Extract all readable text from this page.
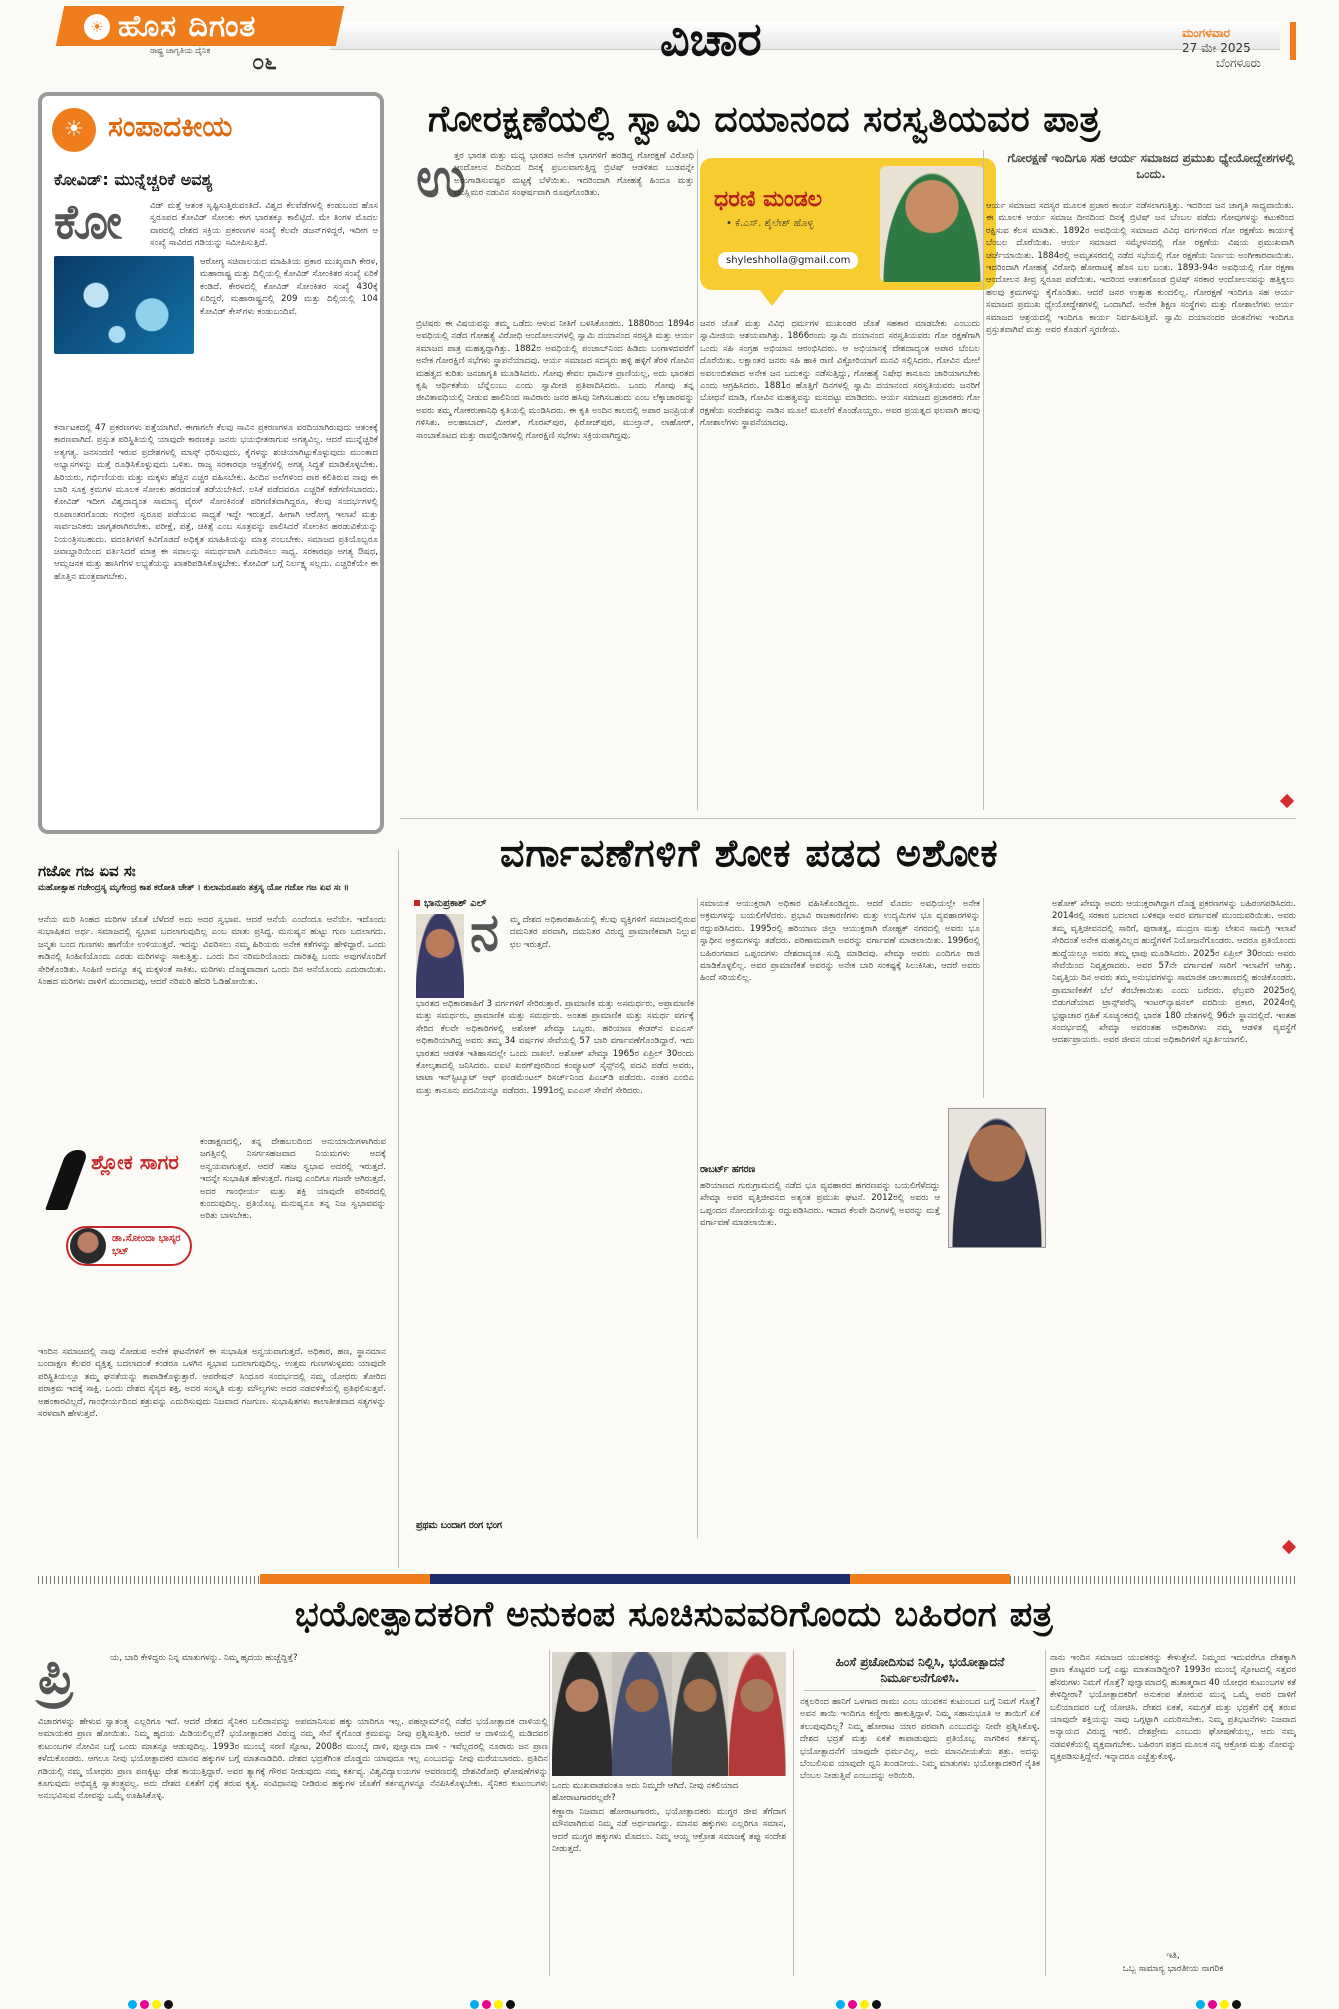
☀ ಹೊಸ ದಿಗಂತ
ರಾಷ್ಟ್ರ ಜಾಗೃತಿಯ ದೈನಿಕ ೦೬	ವಿಚಾರ	ಮಂಗಳವಾರ
27 ಮೇ 2025
ಬೆಂಗಳೂರು
☀ ಸಂಪಾದಕೀಯ
ಕೋವಿಡ್: ಮುನ್ನೆಚ್ಚರಿಕೆ ಅವಶ್ಯ
ಕೋ	ವಿಡ್ ಮತ್ತೆ ಆತಂಕ ಸೃಷ್ಟಿಸುತ್ತಿರುವಂತಿದೆ. ವಿಶ್ವದ ಕೆಲವೆಡೆಗಳಲ್ಲಿ ಕಂಡುಬಂದ ಹೊಸ ಸ್ವರೂಪದ ಕೋವಿಡ್ ಸೋಂಕು ಈಗ ಭಾರತಕ್ಕೂ ಕಾಲಿಟ್ಟಿದೆ. ಮೇ ತಿಂಗಳ ಮೊದಲ ವಾರದಲ್ಲಿ ದೇಶದ ಸಕ್ರಿಯ ಪ್ರಕರಣಗಳ ಸಂಖ್ಯೆ ಕೆಲವೇ ಡಜನ್‌ಗಳಿದ್ದರೆ, ಇದೀಗ ಆ ಸಂಖ್ಯೆ ಸಾವಿರದ ಗಡಿಯನ್ನು ಸಮೀಪಿಸುತ್ತಿದೆ.
ಆರೋಗ್ಯ ಸಚಿವಾಲಯದ ಮಾಹಿತಿಯ ಪ್ರಕಾರ ಮುಖ್ಯವಾಗಿ ಕೇರಳ, ಮಹಾರಾಷ್ಟ್ರ ಮತ್ತು ದಿಲ್ಲಿಯಲ್ಲಿ ಕೋವಿಡ್ ಸೋಂಕಿತರ ಸಂಖ್ಯೆ ಏರಿಕೆ ಕಂಡಿದೆ. ಕೇರಳದಲ್ಲಿ ಕೋವಿಡ್ ಸೋಂಕಿತರ ಸಂಖ್ಯೆ 430ಕ್ಕೆ ಏರಿದ್ದರೆ, ಮಹಾರಾಷ್ಟ್ರದಲ್ಲಿ 209 ಮತ್ತು ದಿಲ್ಲಿಯಲ್ಲಿ 104 ಕೋವಿಡ್ ಕೇಸ್‌ಗಳು ಕಂಡುಬಂದಿವೆ.
ಕರ್ನಾಟಕದಲ್ಲಿ 47 ಪ್ರಕರಣಗಳು ಪತ್ತೆಯಾಗಿವೆ. ಈಗಾಗಲೇ ಕೆಲವು ಸಾವಿನ ಪ್ರಕರಣಗಳೂ ವರದಿಯಾಗಿರುವುದು ಆತಂಕಕ್ಕೆ ಕಾರಣವಾಗಿದೆ. ಪ್ರಸ್ತುತ ಪರಿಸ್ಥಿತಿಯಲ್ಲಿ ಯಾವುದೇ ಕಾರಣಕ್ಕೂ ಜನರು ಭಯಭೀತರಾಗುವ ಅಗತ್ಯವಿಲ್ಲ. ಆದರೆ ಮುನ್ನೆಚ್ಚರಿಕೆ ಅತ್ಯಗತ್ಯ. ಜನಸಂದಣಿ ಇರುವ ಪ್ರದೇಶಗಳಲ್ಲಿ ಮಾಸ್ಕ್ ಧರಿಸುವುದು, ಕೈಗಳನ್ನು ಶುಚಿಯಾಗಿಟ್ಟುಕೊಳ್ಳುವುದು ಮುಂತಾದ ಅಭ್ಯಾಸಗಳನ್ನು ಮತ್ತೆ ರೂಢಿಸಿಕೊಳ್ಳುವುದು ಒಳಿತು. ರಾಜ್ಯ ಸರಕಾರವೂ ಆಸ್ಪತ್ರೆಗಳಲ್ಲಿ ಅಗತ್ಯ ಸಿದ್ಧತೆ ಮಾಡಿಕೊಳ್ಳಬೇಕು. ಹಿರಿಯರು, ಗರ್ಭಿಣಿಯರು ಮತ್ತು ಮಕ್ಕಳು ಹೆಚ್ಚಿನ ಎಚ್ಚರ ವಹಿಸಬೇಕು. ಹಿಂದಿನ ಅಲೆಗಳಿಂದ ಪಾಠ ಕಲಿತಿರುವ ನಾವು ಈ ಬಾರಿ ಸೂಕ್ತ ಕ್ರಮಗಳ ಮೂಲಕ ಸೋಂಕು ಹರಡದಂತೆ ತಡೆಯಬೇಕಿದೆ. ಲಸಿಕೆ ಪಡೆದವರೂ ಎಚ್ಚರಿಕೆ ಕಡೆಗಣಿಸಬಾರದು. ಕೋವಿಡ್ ಇದೀಗ ವಿಶ್ವದಾದ್ಯಂತ ಸಾಮಾನ್ಯ ವೈರಸ್ ಸೋಂಕಿನಂತೆ ಪರಿಗಣಿತವಾಗಿದ್ದರೂ, ಕೆಲವು ಸಂದರ್ಭಗಳಲ್ಲಿ ರೂಪಾಂತರಗೊಂಡು ಗಂಭೀರ ಸ್ವರೂಪ ಪಡೆಯುವ ಸಾಧ್ಯತೆ ಇದ್ದೇ ಇರುತ್ತದೆ. ಹೀಗಾಗಿ ಆರೋಗ್ಯ ಇಲಾಖೆ ಮತ್ತು ಸಾರ್ವಜನಿಕರು ಜಾಗೃತರಾಗಿರಬೇಕು. ಪರೀಕ್ಷೆ, ಪತ್ತೆ, ಚಿಕಿತ್ಸೆ ಎಂಬ ಸೂತ್ರವನ್ನು ಪಾಲಿಸಿದರೆ ಸೋಂಕಿನ ಹರಡುವಿಕೆಯನ್ನು ನಿಯಂತ್ರಿಸಬಹುದು. ವದಂತಿಗಳಿಗೆ ಕಿವಿಗೊಡದೆ ಅಧಿಕೃತ ಮಾಹಿತಿಯನ್ನು ಮಾತ್ರ ನಂಬಬೇಕು. ಸಮಾಜದ ಪ್ರತಿಯೊಬ್ಬರೂ ಜವಾಬ್ದಾರಿಯಿಂದ ವರ್ತಿಸಿದರೆ ಮಾತ್ರ ಈ ಸವಾಲನ್ನು ಸಮರ್ಥವಾಗಿ ಎದುರಿಸಲು ಸಾಧ್ಯ. ಸರಕಾರವೂ ಅಗತ್ಯ ಔಷಧ, ಆಮ್ಲಜನಕ ಮತ್ತು ಹಾಸಿಗೆಗಳ ಲಭ್ಯತೆಯನ್ನು ಖಾತರಿಪಡಿಸಿಕೊಳ್ಳಬೇಕು. ಕೋವಿಡ್ ಬಗ್ಗೆ ನಿರ್ಲಕ್ಷ್ಯ ಸಲ್ಲದು. ಎಚ್ಚರಿಕೆಯೇ ಈ ಹೊತ್ತಿನ ಮಂತ್ರವಾಗಬೇಕು.
ಗೋರಕ್ಷಣೆಯಲ್ಲಿ ಸ್ವಾಮಿ ದಯಾನಂದ ಸರಸ್ವತಿಯವರ ಪಾತ್ರ
ಉ
ತ್ತರ ಭಾರತ ಮತ್ತು ಮಧ್ಯ ಭಾರತದ ಅನೇಕ ಭಾಗಗಳಿಗೆ ಹರಡಿದ್ದ ಗೋರಕ್ಷಣೆ ವಿರೋಧಿ ಆಂದೋಲನ ದಿನದಿಂದ ದಿನಕ್ಕೆ ಪ್ರಬಲವಾಗುತ್ತಿದ್ದ ಬ್ರಿಟಿಷ್ ಆಡಳಿತದ ಬುಡವನ್ನೇ ಅಲುಗಾಡಿಸುವಷ್ಟರ ಮಟ್ಟಕ್ಕೆ ಬೆಳೆಯಿತು. ಇದರಿಂದಾಗಿ ಗೋಹತ್ಯೆ ಹಿಂದೂ ಮತ್ತು ಮುಸ್ಲಿಮರ ನಡುವಿನ ಸಂಘರ್ಷವಾಗಿ ರೂಪುಗೊಂಡಿತು.	ಧರಣಿ ಮಂಡಲ
• ಕೆ.ಎಸ್. ಶೈಲೇಶ್ ಹೊಳ್ಳ
shyleshholla@gmail.com
ಗೋರಕ್ಷಣೆ ಇಂದಿಗೂ ಸಹ ಆರ್ಯ ಸಮಾಜದ ಪ್ರಮುಖ ಧ್ಯೇಯೋದ್ದೇಶಗಳಲ್ಲಿ ಒಂದು.
ಬ್ರಿಟಿಷರು ಈ ವಿಷಯವನ್ನು ತಮ್ಮ ಒಡೆದು ಆಳುವ ನೀತಿಗೆ ಬಳಸಿಕೊಂಡರು. 1880ರಿಂದ 1894ರ ಅವಧಿಯಲ್ಲಿ ನಡೆದ ಗೋಹತ್ಯೆ ವಿರೋಧಿ ಆಂದೋಲನಗಳಲ್ಲಿ ಸ್ವಾಮಿ ದಯಾನಂದ ಸರಸ್ವತಿ ಮತ್ತು ಆರ್ಯ ಸಮಾಜದ ಪಾತ್ರ ಮಹತ್ವದ್ದಾಗಿತ್ತು. 1882ರ ಅವಧಿಯಲ್ಲಿ ಪಂಜಾಬ್‌ನಿಂದ ಹಿಡಿದು ಬಂಗಾಳದವರೆಗೆ ಅನೇಕ ಗೋರಕ್ಷಿಣಿ ಸಭೆಗಳು ಸ್ಥಾಪನೆಯಾದವು. ಆರ್ಯ ಸಮಾಜದ ಸದಸ್ಯರು ಹಳ್ಳಿ ಹಳ್ಳಿಗೆ ತೆರಳಿ ಗೋವಿನ ಮಹತ್ವದ ಕುರಿತು ಜನಜಾಗೃತಿ ಮೂಡಿಸಿದರು. ಗೋವು ಕೇವಲ ಧಾರ್ಮಿಕ ಪ್ರಾಣಿಯಲ್ಲ, ಅದು ಭಾರತದ ಕೃಷಿ ಆರ್ಥಿಕತೆಯ ಬೆನ್ನೆಲುಬು ಎಂದು ಸ್ವಾಮೀಜಿ ಪ್ರತಿಪಾದಿಸಿದರು. ಒಂದು ಗೋವು ತನ್ನ ಜೀವಿತಾವಧಿಯಲ್ಲಿ ನೀಡುವ ಹಾಲಿನಿಂದ ಸಾವಿರಾರು ಜನರ ಹಸಿವು ನೀಗಿಸಬಹುದು ಎಂಬ ಲೆಕ್ಕಾಚಾರವನ್ನು ಅವರು ತಮ್ಮ ಗೋಕರುಣಾನಿಧಿ ಕೃತಿಯಲ್ಲಿ ಮಂಡಿಸಿದರು. ಈ ಕೃತಿ ಅಂದಿನ ಕಾಲದಲ್ಲಿ ಅಪಾರ ಜನಪ್ರಿಯತೆ ಗಳಿಸಿತು. ಅಲಹಾಬಾದ್, ಮೀರತ್, ಗೊರಖ್‌ಪುರ, ಫಿರೋಜ್‌ಪುರ, ಮುಲ್ತಾನ್, ಲಾಹೋರ್, ಸಾಂಬಾಕೊಟದ ಮತ್ತು ರಾವಲ್ಪಿಂಡಿಗಳಲ್ಲಿ ಗೋರಕ್ಷಿಣಿ ಸಭೆಗಳು ಸಕ್ರಿಯವಾಗಿದ್ದವು.
ಜನರ ಜೊತೆ ಮತ್ತು ವಿವಿಧ ಧರ್ಮಗಳ ಮುಖಂಡರ ಜೊತೆ ಸಹಕಾರ ಮಾಡಬೇಕು ಎಂಬುದು ಸ್ವಾಮೀಜಿಯ ಆಶಯವಾಗಿತ್ತು. 1866ರಂದು ಸ್ವಾಮಿ ದಯಾನಂದ ಸರಸ್ವತಿಯವರು ಗೋ ರಕ್ಷಣೆಗಾಗಿ ಒಂದು ಸಹಿ ಸಂಗ್ರಹ ಅಭಿಯಾನ ಆರಂಭಿಸಿದರು. ಆ ಅಭಿಯಾನಕ್ಕೆ ದೇಶದಾದ್ಯಂತ ಅಪಾರ ಬೆಂಬಲ ದೊರೆಯಿತು. ಲಕ್ಷಾಂತರ ಜನರು ಸಹಿ ಹಾಕಿ ರಾಣಿ ವಿಕ್ಟೋರಿಯಾಗೆ ಮನವಿ ಸಲ್ಲಿಸಿದರು. ಗೋವಿನ ಮೇಲೆ ಅವಲಂಬಿತವಾದ ಅನೇಕ ಜನ ಬದುಕನ್ನು ನಡೆಸುತ್ತಿದ್ದು, ಗೋಹತ್ಯೆ ನಿಷೇಧ ಕಾನೂನು ಜಾರಿಯಾಗಬೇಕು ಎಂದು ಆಗ್ರಹಿಸಿದರು. 1881ರ ಹೊತ್ತಿಗೆ ದಿನಗಳಲ್ಲಿ ಸ್ವಾಮಿ ದಯಾನಂದ ಸರಸ್ವತಿಯವರು ಜನರಿಗೆ ಬೋಧನೆ ಮಾಡಿ, ಗೋವಿನ ಮಹತ್ವವನ್ನು ಮನದಟ್ಟು ಮಾಡಿದರು. ಆರ್ಯ ಸಮಾಜದ ಪ್ರಚಾರಕರು ಗೋ ರಕ್ಷಣೆಯ ಸಂದೇಶವನ್ನು ನಾಡಿನ ಮೂಲೆ ಮೂಲೆಗೆ ಕೊಂಡೊಯ್ದರು. ಅವರ ಪ್ರಯತ್ನದ ಫಲವಾಗಿ ಹಲವು ಗೋಶಾಲೆಗಳು ಸ್ಥಾಪನೆಯಾದವು.
ಆರ್ಯ ಸಮಾಜದ ಸದಸ್ಯರ ಮೂಲಕ ಪ್ರಚಾರ ಕಾರ್ಯ ನಡೆಸಲಾಗುತ್ತಿತ್ತು. ಇದರಿಂದ ಜನ ಜಾಗೃತಿ ಸಾಧ್ಯವಾಯಿತು. ಈ ಮೂಲಕ ಆರ್ಯ ಸಮಾಜ ದೀನದಿಂದ ದಿನಕ್ಕೆ ಬ್ರಿಟಿಷ್ ಜನ ಬೆಂಬಲ ಪಡೆದು ಗೋವುಗಳನ್ನು ಕಟುಕರಿಂದ ರಕ್ಷಿಸುವ ಕೆಲಸ ಮಾಡಿತು. 1892ರ ಅವಧಿಯಲ್ಲಿ ಸಮಾಜದ ವಿವಿಧ ವರ್ಗಗಳಿಂದ ಗೋ ರಕ್ಷಣೆಯ ಕಾರ್ಯಕ್ಕೆ ಬೆಂಬಲ ದೊರೆಯಿತು. ಆರ್ಯ ಸಮಾಜದ ಸಮ್ಮೇಳನದಲ್ಲಿ ಗೋ ರಕ್ಷಣೆಯ ವಿಷಯ ಪ್ರಮುಖವಾಗಿ ಚರ್ಚೆಯಾಯಿತು. 1884ರಲ್ಲಿ ಅಮೃತಸರದಲ್ಲಿ ನಡೆದ ಸಭೆಯಲ್ಲಿ ಗೋ ರಕ್ಷಣೆಯ ನಿರ್ಣಯ ಅಂಗೀಕಾರವಾಯಿತು. ಇದರಿಂದಾಗಿ ಗೋಹತ್ಯೆ ವಿರೋಧಿ ಹೋರಾಟಕ್ಕೆ ಹೊಸ ಬಲ ಬಂತು. 1893-94ರ ಅವಧಿಯಲ್ಲಿ ಗೋ ರಕ್ಷಣಾ ಆಂದೋಲನ ತೀವ್ರ ಸ್ವರೂಪ ಪಡೆಯಿತು. ಇದರಿಂದ ಆತಂಕಗೊಂಡ ಬ್ರಿಟಿಷ್ ಸರಕಾರ ಆಂದೋಲನವನ್ನು ಹತ್ತಿಕ್ಕಲು ಹಲವು ಕ್ರಮಗಳನ್ನು ಕೈಗೊಂಡಿತು. ಆದರೆ ಜನರ ಉತ್ಸಾಹ ಕುಂದಲಿಲ್ಲ. ಗೋರಕ್ಷಣೆ ಇಂದಿಗೂ ಸಹ ಆರ್ಯ ಸಮಾಜದ ಪ್ರಮುಖ ಧ್ಯೇಯೋದ್ದೇಶಗಳಲ್ಲಿ ಒಂದಾಗಿದೆ. ಅನೇಕ ಶಿಕ್ಷಣ ಸಂಸ್ಥೆಗಳು ಮತ್ತು ಗೋಶಾಲೆಗಳು ಆರ್ಯ ಸಮಾಜದ ಆಶ್ರಯದಲ್ಲಿ ಇಂದಿಗೂ ಕಾರ್ಯ ನಿರ್ವಹಿಸುತ್ತಿವೆ. ಸ್ವಾಮಿ ದಯಾನಂದರ ಚಿಂತನೆಗಳು ಇಂದಿಗೂ ಪ್ರಸ್ತುತವಾಗಿವೆ ಮತ್ತು ಅವರ ಕೊಡುಗೆ ಸ್ಮರಣೀಯ.
ಗಜೋ ಗಜ ಏವ ಸಃ
ಮಹೋತ್ಸಾಹ ಗಜೇಂದ್ರಸ್ಯ ಮೃಗೇಂದ್ರ ಕಾಶ ಕರೋತಿ ಚೇತ್ । ಕುಲಾನುರೂಪಂ ತತ್ರಸ್ಯ ಯೋ ಗಜೋ ಗಜ ಏವ ಸಃ ॥
ಆನೆಯ ಮರಿ ಸಿಂಹದ ಮರಿಗಳ ಜೊತೆ ಬೆಳೆದರೆ ಅದು ಅದರ ಸ್ವಭಾವ. ಆದರೆ ಆನೆಯೆ ಎಂದೆಂದೂ ಆನೆಯೇ. ಇದೊಂದು ಸುಭಾಷಿತದ ಅರ್ಥ. ಸಮಾಜದಲ್ಲಿ ಸ್ವಭಾವ ಬದಲಾಗುವುದಿಲ್ಲ ಎಂಬ ಮಾತು ಪ್ರಸಿದ್ಧ. ಮನುಷ್ಯನ ಹುಟ್ಟು ಗುಣ ಬದಲಾಗದು. ಜನ್ಮತಃ ಬಂದ ಗುಣಗಳು ಹಾಗೆಯೇ ಉಳಿಯುತ್ತವೆ. ಇದನ್ನು ವಿವರಿಸಲು ನಮ್ಮ ಹಿರಿಯರು ಅನೇಕ ಕತೆಗಳನ್ನು ಹೇಳಿದ್ದಾರೆ. ಒಂದು ಕಾಡಿನಲ್ಲಿ ಸಿಂಹಿಣಿಯೊಂದು ಎರಡು ಮರಿಗಳನ್ನು ಸಾಕುತ್ತಿತ್ತು. ಒಂದು ದಿನ ನರಿಮರಿಯೊಂದು ದಾರಿತಪ್ಪಿ ಬಂದು ಅವುಗಳೊಂದಿಗೆ ಸೇರಿಕೊಂಡಿತು. ಸಿಂಹಿಣಿ ಅದನ್ನೂ ತನ್ನ ಮಕ್ಕಳಂತೆ ಸಾಕಿತು. ಮರಿಗಳು ದೊಡ್ಡವಾದಾಗ ಒಂದು ದಿನ ಆನೆಯೊಂದು ಎದುರಾಯಿತು. ಸಿಂಹದ ಮರಿಗಳು ದಾಳಿಗೆ ಮುಂದಾದವು, ಆದರೆ ನರಿಮರಿ ಹೆದರಿ ಓಡಿಹೋಯಿತು.
ಶ್ಲೋಕ ಸಾಗರ
ಡಾ.ಸೋಂದಾ ಭಾಸ್ಕರ ಭಟ್
ಕಂಡಾಕ್ಷಣದಲ್ಲಿ, ತನ್ನ ದೇಹಬಲದಿಂದ ಅನುಯಾಯಿಗಳಾಗಿರುವ ಜಗತ್ತಿನಲ್ಲಿ ನಿಸರ್ಗಸಹಜವಾದ ನಿಯಮಗಳು ಅದಕ್ಕೆ ಅನ್ವಯವಾಗುತ್ತವೆ. ಆದರೆ ಸಹಜ ಸ್ವಭಾವ ಅದರಲ್ಲಿ ಇರುತ್ತದೆ. ಇದನ್ನೇ ಸುಭಾಷಿತ ಹೇಳುತ್ತದೆ. ಗಜವು ಎಂದಿಗೂ ಗಜವೇ ಆಗಿರುತ್ತದೆ. ಅದರ ಗಾಂಭೀರ್ಯ ಮತ್ತು ಶಕ್ತಿ ಯಾವುದೇ ಪರಿಸರದಲ್ಲಿ ಕುಂದುವುದಿಲ್ಲ. ಪ್ರತಿಯೊಬ್ಬ ಮನುಷ್ಯನೂ ತನ್ನ ನಿಜ ಸ್ವಭಾವವನ್ನು ಅರಿತು ಬಾಳಬೇಕು.
ಇಂದಿನ ಸಮಾಜದಲ್ಲಿ ನಾವು ನೋಡುವ ಅನೇಕ ಘಟನೆಗಳಿಗೆ ಈ ಸುಭಾಷಿತ ಅನ್ವಯವಾಗುತ್ತದೆ. ಅಧಿಕಾರ, ಹಣ, ಸ್ಥಾನಮಾನ ಬಂದಾಕ್ಷಣ ಕೆಲವರ ವ್ಯಕ್ತಿತ್ವ ಬದಲಾದಂತೆ ಕಂಡರೂ ಒಳಗಿನ ಸ್ವಭಾವ ಬದಲಾಗುವುದಿಲ್ಲ. ಉತ್ತಮ ಗುಣಗಳುಳ್ಳವರು ಯಾವುದೇ ಪರಿಸ್ಥಿತಿಯಲ್ಲೂ ತಮ್ಮ ಘನತೆಯನ್ನು ಕಾಪಾಡಿಕೊಳ್ಳುತ್ತಾರೆ. ಆಪರೇಷನ್ ಸಿಂಧೂರ ಸಂದರ್ಭದಲ್ಲಿ ನಮ್ಮ ಯೋಧರು ತೋರಿದ ಪರಾಕ್ರಮ ಇದಕ್ಕೆ ಸಾಕ್ಷಿ. ಒಂದು ದೇಶದ ಸೈನ್ಯದ ಶಕ್ತಿ, ಅದರ ಸಂಸ್ಕೃತಿ ಮತ್ತು ಮೌಲ್ಯಗಳು ಅದರ ನಡವಳಿಕೆಯಲ್ಲಿ ಪ್ರತಿಫಲಿಸುತ್ತವೆ. ಅಹಂಕಾರವಿಲ್ಲದೆ, ಗಾಂಭೀರ್ಯದಿಂದ ಶತ್ರುವನ್ನು ಎದುರಿಸುವುದು ನಿಜವಾದ ಗಜಗುಣ. ಸುಭಾಷಿತಗಳು ಕಾಲಾತೀತವಾದ ಸತ್ಯಗಳನ್ನು ಸರಳವಾಗಿ ಹೇಳುತ್ತವೆ.
ವರ್ಗಾವಣೆಗಳಿಗೆ ಶೋಕ ಪಡದ ಅಶೋಕ
ಭಾನುಪ್ರಕಾಶ್ ಎಲ್
ನ ಮ್ಮ ದೇಶದ ಅಧಿಕಾರಶಾಹಿಯಲ್ಲಿ ಕೆಲವು ವ್ಯಕ್ತಿಗಳಿಗೆ ಸಮಾಜದಲ್ಲಿರುವ ದಮನಿತರ ಪರವಾಗಿ, ದಮನಿತರ ವಿರುದ್ಧ ಪ್ರಾಮಾಣಿಕವಾಗಿ ನಿಲ್ಲುವ ಛಲ ಇರುತ್ತದೆ.
ಭಾರತದ ಅಧಿಕಾರಶಾಹಿಗೆ 3 ವರ್ಗಗಳಿಗೆ ಸೇರಿರುತ್ತಾರೆ. ಪ್ರಾಮಾಣಿಕ ಮತ್ತು ಅಸಮರ್ಥರು, ಅಪ್ರಾಮಾಣಿಕ ಮತ್ತು ಸಮರ್ಥರು, ಪ್ರಾಮಾಣಿಕ ಮತ್ತು ಸಮರ್ಥರು. ಅಂತಹ ಪ್ರಾಮಾಣಿಕ ಮತ್ತು ಸಮರ್ಥ ವರ್ಗಕ್ಕೆ ಸೇರಿದ ಕೆಲವೇ ಅಧಿಕಾರಿಗಳಲ್ಲಿ ಅಶೋಕ್ ಖೇಮ್ಕಾ ಒಬ್ಬರು. ಹರಿಯಾಣ ಕೇಡರ್‌ನ ಐಎಎಸ್ ಅಧಿಕಾರಿಯಾಗಿದ್ದ ಅವರು ತಮ್ಮ 34 ವರ್ಷಗಳ ಸೇವೆಯಲ್ಲಿ 57 ಬಾರಿ ವರ್ಗಾವಣೆಗೊಂಡಿದ್ದಾರೆ. ಇದು ಭಾರತದ ಆಡಳಿತ ಇತಿಹಾಸದಲ್ಲೇ ಒಂದು ದಾಖಲೆ. ಅಶೋಕ್ ಖೇಮ್ಕಾ 1965ರ ಏಪ್ರಿಲ್ 30ರಂದು ಕೋಲ್ಕತಾದಲ್ಲಿ ಜನಿಸಿದರು. ಐಐಟಿ ಖರಗ್‌ಪುರದಿಂದ ಕಂಪ್ಯೂಟರ್ ಸೈನ್ಸ್‌ನಲ್ಲಿ ಪದವಿ ಪಡೆದ ಅವರು, ಟಾಟಾ ಇನ್‌ಸ್ಟಿಟ್ಯೂಟ್ ಆಫ್ ಫಂಡಮೆಂಟಲ್ ರಿಸರ್ಚ್‌ನಿಂದ ಪಿಎಚ್‌ಡಿ ಪಡೆದರು. ನಂತರ ಎಂಬಿಎ ಮತ್ತು ಕಾನೂನು ಪದವಿಯನ್ನೂ ಪಡೆದರು. 1991ರಲ್ಲಿ ಐಎಎಸ್ ಸೇವೆಗೆ ಸೇರಿದರು.
ಪ್ರಥಮ ಬಂದಾಗ ರಂಗ ಭಂಗ
ಸಮಾಯಕ ಆಯುಕ್ತರಾಗಿ ಅಧಿಕಾರ ವಹಿಸಿಕೊಂಡಿದ್ದರು. ಆದರೆ ಮೊದಲ ಅವಧಿಯಲ್ಲೇ ಅನೇಕ ಅಕ್ರಮಗಳನ್ನು ಬಯಲಿಗೆಳೆದರು. ಪ್ರಭಾವಿ ರಾಜಕಾರಣಿಗಳು ಮತ್ತು ಉದ್ಯಮಿಗಳ ಭೂ ವ್ಯವಹಾರಗಳನ್ನು ರದ್ದುಪಡಿಸಿದರು. 1995ರಲ್ಲಿ ಹರಿಯಾಣ ಜಿಲ್ಲಾ ಆಯುಕ್ತರಾಗಿ ರೋಹ್ಟಕ್ ನಗರದಲ್ಲಿ ಅವರು ಭೂ ಸ್ವಾಧೀನ ಅಕ್ರಮಗಳನ್ನು ತಡೆದರು. ಪರಿಣಾಮವಾಗಿ ಅವರನ್ನು ವರ್ಗಾವಣೆ ಮಾಡಲಾಯಿತು. 1996ರಲ್ಲಿ ಬಹಿರಂಗವಾದ ಒಪ್ಪಂದಗಳು ದೇಶದಾದ್ಯಂತ ಸುದ್ದಿ ಮಾಡಿದವು. ಖೇಮ್ಕಾ ಅವರು ಎಂದಿಗೂ ರಾಜಿ ಮಾಡಿಕೊಳ್ಳಲಿಲ್ಲ. ಅವರ ಪ್ರಾಮಾಣಿಕತೆ ಅವರನ್ನು ಅನೇಕ ಬಾರಿ ಸಂಕಷ್ಟಕ್ಕೆ ಸಿಲುಕಿಸಿತು, ಆದರೆ ಅವರು ಹಿಂದೆ ಸರಿಯಲಿಲ್ಲ.
ರಾಬರ್ಟ್ ಹಗರಣ
ಹರಿಯಾಣದ ಗುರುಗ್ರಾಮದಲ್ಲಿ ನಡೆದ ಭೂ ವ್ಯವಹಾರದ ಹಗರಣವನ್ನು ಬಯಲಿಗೆಳೆದದ್ದು ಖೇಮ್ಕಾ ಅವರ ವೃತ್ತಿಜೀವನದ ಅತ್ಯಂತ ಪ್ರಮುಖ ಘಟನೆ. 2012ರಲ್ಲಿ ಅವರು ಆ ಒಪ್ಪಂದದ ನೋಂದಣಿಯನ್ನು ರದ್ದುಪಡಿಸಿದರು. ಇದಾದ ಕೆಲವೇ ದಿನಗಳಲ್ಲಿ ಅವರನ್ನು ಮತ್ತೆ ವರ್ಗಾವಣೆ ಮಾಡಲಾಯಿತು.
ಅಶೋಕ್ ಖೇಮ್ಕಾ ಅವರು ಆಯುಕ್ತರಾಗಿದ್ದಾಗ ದೊಡ್ಡ ಪ್ರಕರಣಗಳನ್ನು ಬಹಿರಂಗಪಡಿಸಿದರು. 2014ರಲ್ಲಿ ಸರಕಾರ ಬದಲಾದ ಬಳಿಕವೂ ಅವರ ವರ್ಗಾವಣೆ ಮುಂದುವರಿಯಿತು. ಅವರು ತಮ್ಮ ವೃತ್ತಿಜೀವನದಲ್ಲಿ ಸಾರಿಗೆ, ಪುರಾತತ್ವ, ಮುದ್ರಣ ಮತ್ತು ಲೇಖನ ಸಾಮಗ್ರಿ ಇಲಾಖೆ ಸೇರಿದಂತೆ ಅನೇಕ ಮಹತ್ವವಿಲ್ಲದ ಹುದ್ದೆಗಳಿಗೆ ನಿಯೋಜನೆಗೊಂಡರು. ಆದರೂ ಪ್ರತಿಯೊಂದು ಹುದ್ದೆಯಲ್ಲೂ ಅವರು ತಮ್ಮ ಛಾಪು ಮೂಡಿಸಿದರು. 2025ರ ಏಪ್ರಿಲ್ 30ರಂದು ಅವರು ಸೇವೆಯಿಂದ ನಿವೃತ್ತರಾದರು. ಅವರ 57ನೇ ವರ್ಗಾವಣೆ ಸಾರಿಗೆ ಇಲಾಖೆಗೆ ಆಗಿತ್ತು. ನಿವೃತ್ತಿಯ ದಿನ ಅವರು ತಮ್ಮ ಅನುಭವಗಳನ್ನು ಸಾಮಾಜಿಕ ಜಾಲತಾಣದಲ್ಲಿ ಹಂಚಿಕೊಂಡರು. ಪ್ರಾಮಾಣಿಕತೆಗೆ ಬೆಲೆ ತೆರಬೇಕಾಯಿತು ಎಂದು ಬರೆದರು. ಫೆಬ್ರವರಿ 2025ರಲ್ಲಿ ಬಿಡುಗಡೆಯಾದ ಟ್ರಾನ್ಸ್‌ಪರೆನ್ಸಿ ಇಂಟರ್‌ನ್ಯಾಷನಲ್ ವರದಿಯ ಪ್ರಕಾರ, 2024ರಲ್ಲಿ ಭ್ರಷ್ಟಾಚಾರ ಗ್ರಹಿಕೆ ಸೂಚ್ಯಂಕದಲ್ಲಿ ಭಾರತ 180 ದೇಶಗಳಲ್ಲಿ 96ನೇ ಸ್ಥಾನದಲ್ಲಿದೆ. ಇಂತಹ ಸಂದರ್ಭದಲ್ಲಿ ಖೇಮ್ಕಾ ಅವರಂತಹ ಅಧಿಕಾರಿಗಳು ನಮ್ಮ ಆಡಳಿತ ವ್ಯವಸ್ಥೆಗೆ ಆದರ್ಶಪ್ರಾಯರು. ಅವರ ಜೀವನ ಯುವ ಅಧಿಕಾರಿಗಳಿಗೆ ಸ್ಫೂರ್ತಿಯಾಗಲಿ.
ಭಯೋತ್ಪಾದಕರಿಗೆ ಅನುಕಂಪ ಸೂಚಿಸುವವರಿಗೊಂದು ಬಹಿರಂಗ ಪತ್ರ
ಪ್ರಿ	ಯ, ಬಾರಿ ಕೇಳಿದ್ದರು ನಿನ್ನ ಮಾತುಗಳನ್ನು. ನಿಮ್ಮ ಹೃದಯ ಹುಚ್ಚೆದ್ದಿತ್ತೆ?
ವಿಚಾರಗಳನ್ನು ಹೇಳುವ ಸ್ವಾತಂತ್ರ್ಯ ಎಲ್ಲರಿಗೂ ಇದೆ. ಆದರೆ ದೇಶದ ಸೈನಿಕರ ಬಲಿದಾನವನ್ನು ಅಪಮಾನಿಸುವ ಹಕ್ಕು ಯಾರಿಗೂ ಇಲ್ಲ. ಪಹಲ್ಗಾಮ್‌ನಲ್ಲಿ ನಡೆದ ಭಯೋತ್ಪಾದಕ ದಾಳಿಯಲ್ಲಿ ಅಮಾಯಕರ ಪ್ರಾಣ ಹೋಯಿತು. ನಿಮ್ಮ ಹೃದಯ ಮಿಡಿಯಲಿಲ್ಲವೆ? ಭಯೋತ್ಪಾದಕರ ವಿರುದ್ಧ ನಮ್ಮ ಸೇನೆ ಕೈಗೊಂಡ ಕ್ರಮವನ್ನು ನೀವು ಪ್ರಶ್ನಿಸುತ್ತೀರಿ. ಆದರೆ ಆ ದಾಳಿಯಲ್ಲಿ ಮಡಿದವರ ಕುಟುಂಬಗಳ ನೋವಿನ ಬಗ್ಗೆ ಒಂದು ಮಾತನ್ನೂ ಆಡುವುದಿಲ್ಲ. 1993ರ ಮುಂಬೈ ಸರಣಿ ಸ್ಫೋಟ, 2008ರ ಮುಂಬೈ ದಾಳಿ, ಪುಲ್ವಾಮಾ ದಾಳಿ - ಇವೆಲ್ಲದರಲ್ಲಿ ನೂರಾರು ಜನ ಪ್ರಾಣ ಕಳೆದುಕೊಂಡರು. ಆಗಲೂ ನೀವು ಭಯೋತ್ಪಾದಕರ ಮಾನವ ಹಕ್ಕುಗಳ ಬಗ್ಗೆ ಮಾತನಾಡಿದಿರಿ. ದೇಶದ ಭದ್ರತೆಗಿಂತ ದೊಡ್ಡದು ಯಾವುದೂ ಇಲ್ಲ ಎಂಬುದನ್ನು ನೀವು ಮರೆಯಬಾರದು. ಪ್ರತಿದಿನ ಗಡಿಯಲ್ಲಿ ನಮ್ಮ ಯೋಧರು ಪ್ರಾಣ ಪಣಕ್ಕಿಟ್ಟು ದೇಶ ಕಾಯುತ್ತಿದ್ದಾರೆ. ಅವರ ತ್ಯಾಗಕ್ಕೆ ಗೌರವ ನೀಡುವುದು ನಮ್ಮ ಕರ್ತವ್ಯ. ವಿಶ್ವವಿದ್ಯಾಲಯಗಳ ಆವರಣದಲ್ಲಿ ದೇಶವಿರೋಧಿ ಘೋಷಣೆಗಳನ್ನು ಕೂಗುವುದು ಅಭಿವ್ಯಕ್ತಿ ಸ್ವಾತಂತ್ರ್ಯವಲ್ಲ. ಅದು ದೇಶದ ಏಕತೆಗೆ ಧಕ್ಕೆ ತರುವ ಕೃತ್ಯ. ಸಂವಿಧಾನವು ನೀಡಿರುವ ಹಕ್ಕುಗಳ ಜೊತೆಗೆ ಕರ್ತವ್ಯಗಳನ್ನೂ ನೆನಪಿಸಿಕೊಳ್ಳಬೇಕು. ಸೈನಿಕರ ಕುಟುಂಬಗಳು ಅನುಭವಿಸುವ ನೋವನ್ನು ಒಮ್ಮೆ ಊಹಿಸಿಕೊಳ್ಳಿ.
ಒಂದು ಮುಖವಾಡವಂತೂ ಅದು ನಿಮ್ಮದೇ ಆಗಿದೆ. ನೀವು ನಕಲಿಯಾದ ಹೋರಾಟಗಾರರಲ್ಲವೇ?
ಕಣ್ಣಾರಾ ನಿಜವಾದ ಹೋರಾಟಗಾರರು, ಭಯೋತ್ಪಾದಕರು ಮುಗ್ಧರ ಜೀವ ತೆಗೆದಾಗ ಮೌನವಾಗಿರುವ ನಿಮ್ಮ ನಡೆ ಅರ್ಥವಾಗದ್ದು. ಮಾನವ ಹಕ್ಕುಗಳು ಎಲ್ಲರಿಗೂ ಸಮಾನ, ಆದರೆ ಮುಗ್ಧರ ಹಕ್ಕುಗಳು ಮೊದಲು. ನಿಮ್ಮ ಆಯ್ದ ಆಕ್ರೋಶ ಸಮಾಜಕ್ಕೆ ತಪ್ಪು ಸಂದೇಶ ನೀಡುತ್ತದೆ.
ಹಿಂಸೆ ಪ್ರಚೋದಿಸುವ ನಿಲ್ಲಿಸಿ, ಭಯೋತ್ಪಾದನೆ ನಿರ್ಮೂಲನೆಗೊಳಿಸಿ.
ನಕ್ಸಲರಿಂದ ಹಾನಿಗೆ ಒಳಗಾದ ರಾಮು ಎಂಬ ಯುವಕನ ಕುಟುಂಬದ ಬಗ್ಗೆ ನಿಮಗೆ ಗೊತ್ತೆ? ಅವನ ತಾಯಿ ಇಂದಿಗೂ ಕಣ್ಣೀರು ಹಾಕುತ್ತಿದ್ದಾಳೆ. ನಿಮ್ಮ ಸಹಾನುಭೂತಿ ಆ ತಾಯಿಗೆ ಏಕೆ ತಲುಪುವುದಿಲ್ಲ? ನಿಮ್ಮ ಹೋರಾಟ ಯಾರ ಪರವಾಗಿ ಎಂಬುದನ್ನು ನೀವೇ ಪ್ರಶ್ನಿಸಿಕೊಳ್ಳಿ. ದೇಶದ ಭದ್ರತೆ ಮತ್ತು ಏಕತೆ ಕಾಪಾಡುವುದು ಪ್ರತಿಯೊಬ್ಬ ನಾಗರಿಕನ ಕರ್ತವ್ಯ. ಭಯೋತ್ಪಾದನೆಗೆ ಯಾವುದೇ ಧರ್ಮವಿಲ್ಲ, ಅದು ಮಾನವೀಯತೆಯ ಶತ್ರು. ಅದನ್ನು ಬೆಂಬಲಿಸುವ ಯಾವುದೇ ಧ್ವನಿ ಖಂಡನೀಯ. ನಿಮ್ಮ ಮಾತುಗಳು ಭಯೋತ್ಪಾದಕರಿಗೆ ನೈತಿಕ ಬೆಂಬಲ ನೀಡುತ್ತಿವೆ ಎಂಬುದನ್ನು ಅರಿಯಿರಿ.
ನಾನು ಇಂದಿನ ಸಮಾಜದ ಯುವಕರನ್ನು ಕೇಳುತ್ತೇನೆ. ನಿಮ್ಮಂದ ಇದುವರೆಗೂ ದೇಶಕ್ಕಾಗಿ ಪ್ರಾಣ ಕೊಟ್ಟವರ ಬಗ್ಗೆ ಎಷ್ಟು ಮಾತನಾಡಿದ್ದೀರಿ? 1993ರ ಮುಂಬೈ ಸ್ಫೋಟದಲ್ಲಿ ಸತ್ತವರ ಹೆಸರುಗಳು ನಿಮಗೆ ಗೊತ್ತೆ? ಪುಲ್ವಾಮಾದಲ್ಲಿ ಹುತಾತ್ಮರಾದ 40 ಯೋಧರ ಕುಟುಂಬಗಳ ಕತೆ ಕೇಳಿದ್ದೀರಾ? ಭಯೋತ್ಪಾದಕರಿಗೆ ಅನುಕಂಪ ತೋರುವ ಮುನ್ನ ಒಮ್ಮೆ ಅವರ ದಾಳಿಗೆ ಬಲಿಯಾದವರ ಬಗ್ಗೆ ಯೋಚಿಸಿ. ದೇಶದ ಏಕತೆ, ಸಮಗ್ರತೆ ಮತ್ತು ಭದ್ರತೆಗೆ ಧಕ್ಕೆ ತರುವ ಯಾವುದೇ ಶಕ್ತಿಯನ್ನು ನಾವು ಒಗ್ಗಟ್ಟಾಗಿ ಎದುರಿಸಬೇಕು. ನಿಮ್ಮ ಪ್ರತಿಭಟನೆಗಳು ನಿಜವಾದ ಅನ್ಯಾಯದ ವಿರುದ್ಧ ಇರಲಿ. ದೇಶಪ್ರೇಮ ಎಂಬುದು ಘೋಷಣೆಯಲ್ಲ, ಅದು ನಮ್ಮ ನಡವಳಿಕೆಯಲ್ಲಿ ವ್ಯಕ್ತವಾಗಬೇಕು. ಬಹಿರಂಗ ಪತ್ರದ ಮೂಲಕ ನನ್ನ ಆಕ್ರೋಶ ಮತ್ತು ನೋವನ್ನು ವ್ಯಕ್ತಪಡಿಸುತ್ತಿದ್ದೇನೆ. ಇನ್ನಾದರೂ ಎಚ್ಚೆತ್ತುಕೊಳ್ಳಿ.
ಇತಿ,
ಒಬ್ಬ ಸಾಮಾನ್ಯ ಭಾರತೀಯ ನಾಗರಿಕ
